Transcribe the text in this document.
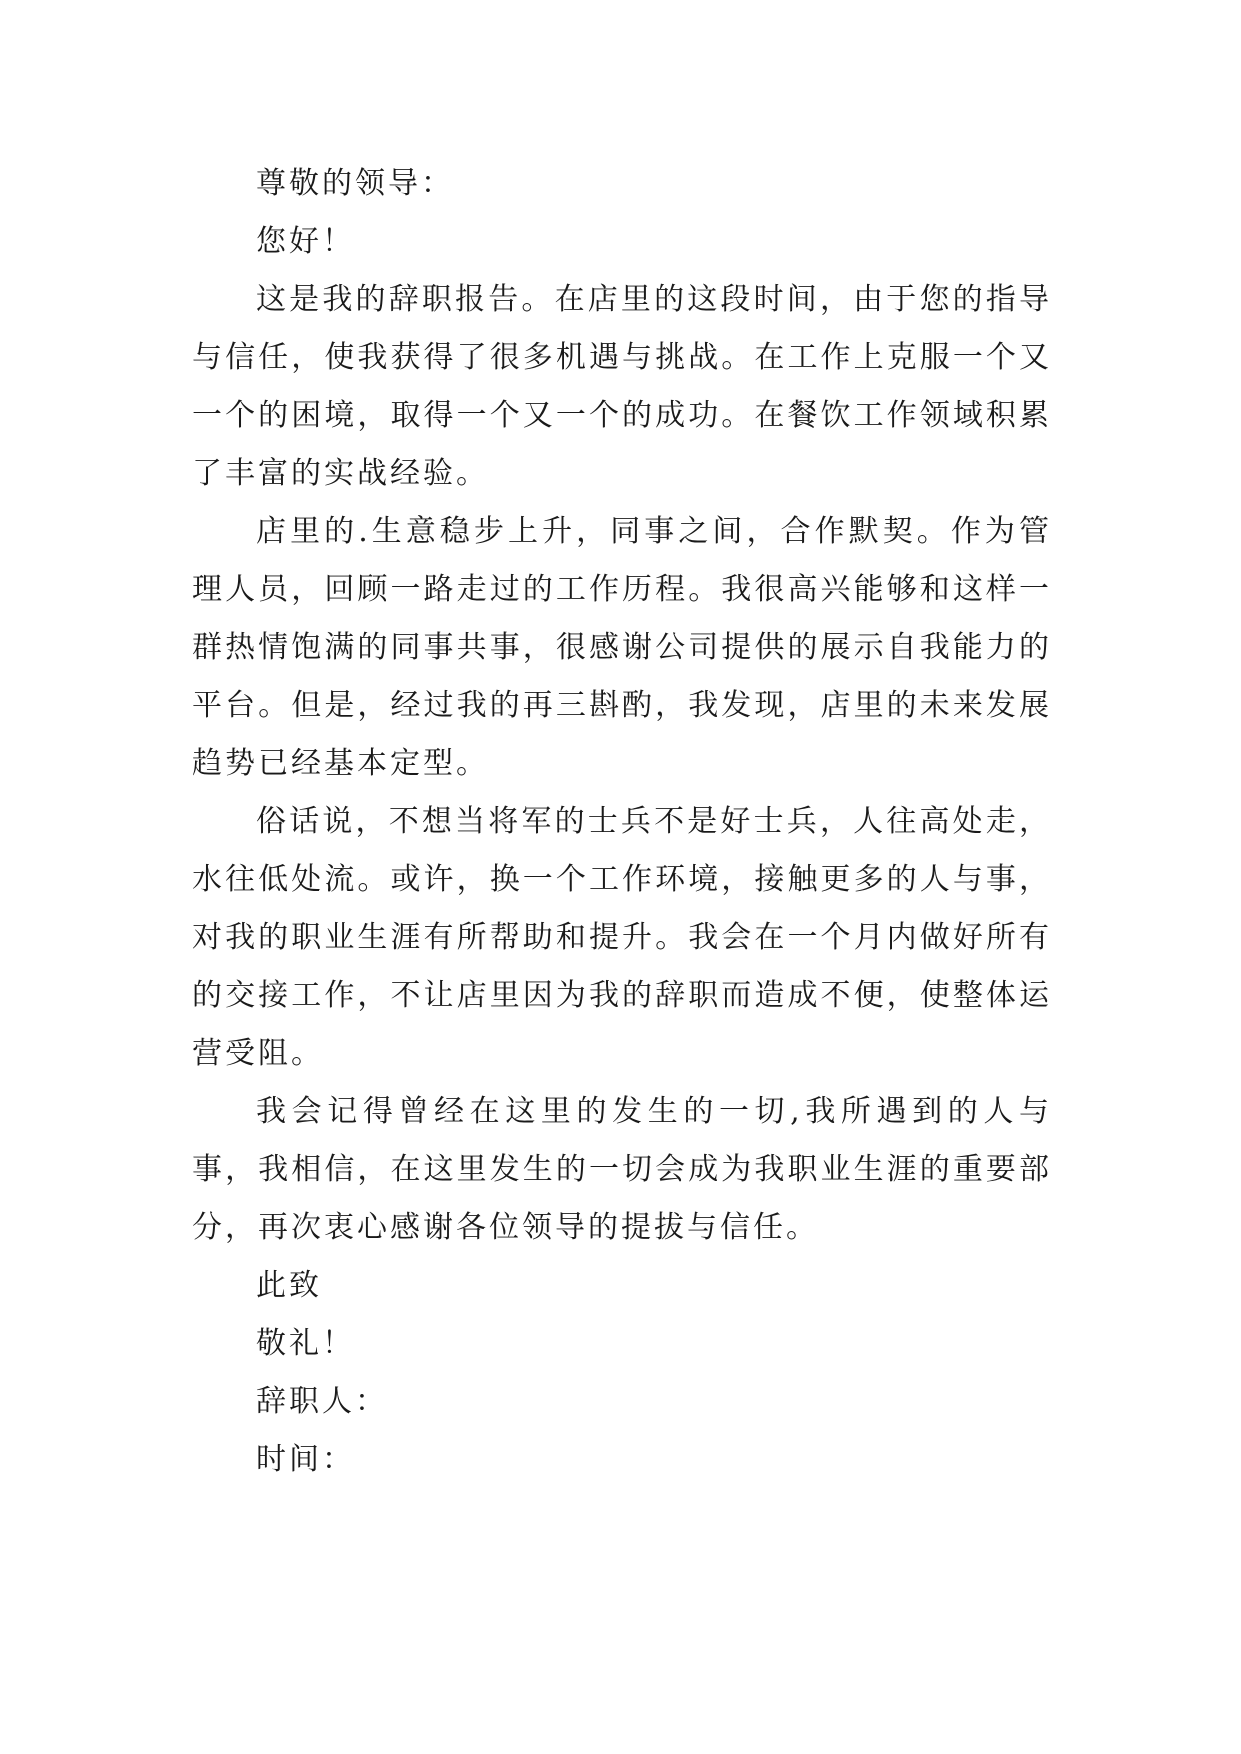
尊敬的领导：

您好！

这是我的辞职报告。在店里的这段时间，由于您的指导与信任，使我获得了很多机遇与挑战。在工作上克服一个又一个的困境，取得一个又一个的成功。在餐饮工作领域积累了丰富的实战经验。

店里的.生意稳步上升，同事之间，合作默契。作为管理人员，回顾一路走过的工作历程。我很高兴能够和这样一群热情饱满的同事共事，很感谢公司提供的展示自我能力的平台。但是，经过我的再三斟酌，我发现，店里的未来发展趋势已经基本定型。

俗话说，不想当将军的士兵不是好士兵，人往高处走，水往低处流。或许，换一个工作环境，接触更多的人与事，对我的职业生涯有所帮助和提升。我会在一个月内做好所有的交接工作，不让店里因为我的辞职而造成不便，使整体运营受阻。

我会记得曾经在这里的发生的一切,我所遇到的人与事，我相信，在这里发生的一切会成为我职业生涯的重要部分，再次衷心感谢各位领导的提拔与信任。

此致

敬礼！

辞职人：

时间：
